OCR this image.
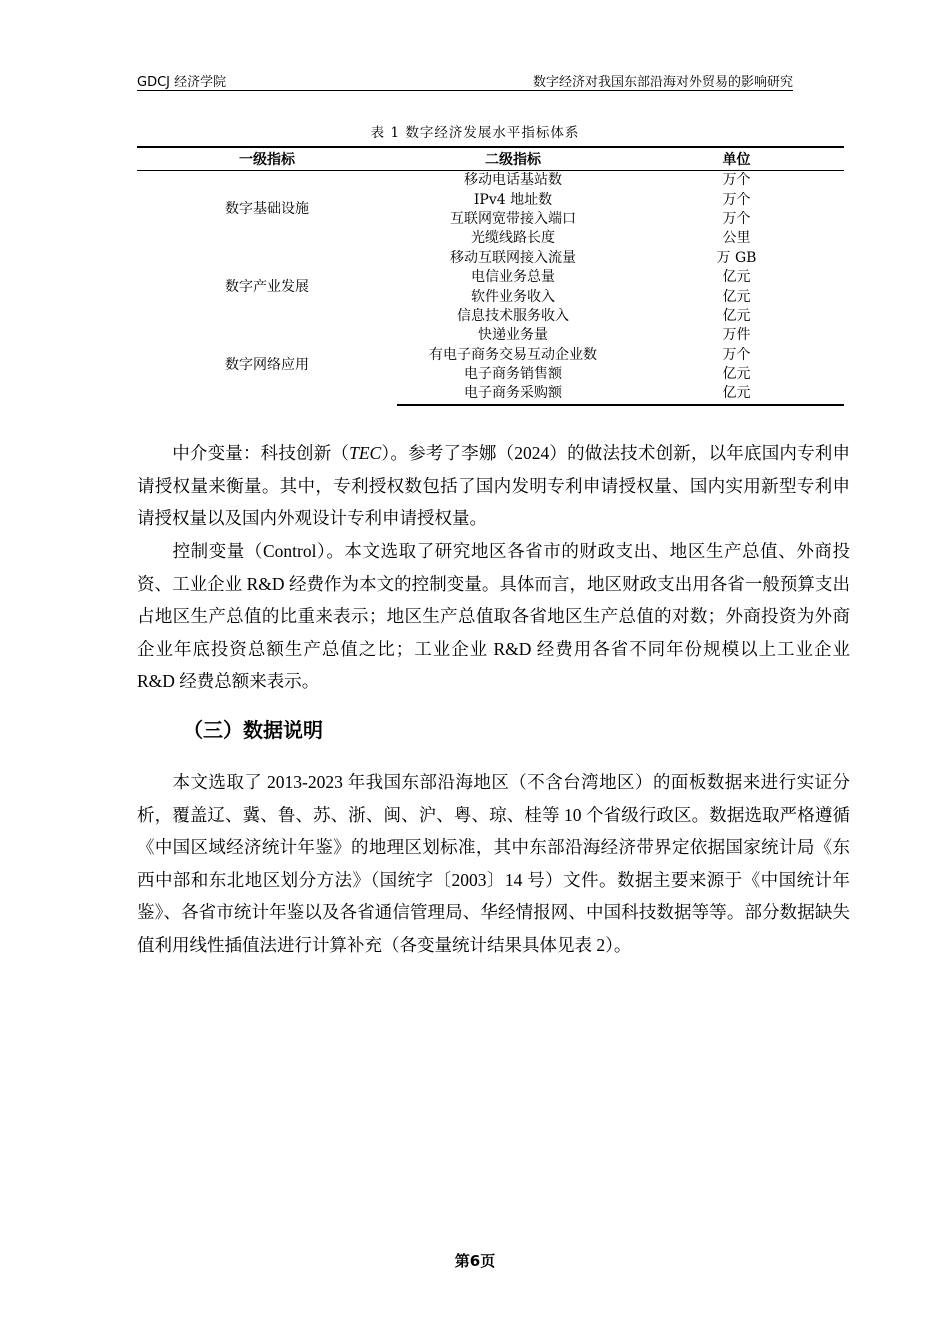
GDCJ 经济学院	数字经济对我国东部沿海对外贸易的影响研究
表 1 数字经济发展水平指标体系
一级指标	二级指标	单位
数字基础设施	移动电话基站数	万个
	IPv4 地址数	万个
	互联网宽带接入端口	万个
	光缆线路长度	公里
数字产业发展	移动互联网接入流量	万 GB
	电信业务总量	亿元
	软件业务收入	亿元
	信息技术服务收入	亿元
数字网络应用	快递业务量	万件
	有电子商务交易互动企业数	万个
	电子商务销售额	亿元
	电子商务采购额	亿元

中介变量：科技创新（TEC）。参考了李娜（2024）的做法技术创新，以年底国内专利申请授权量来衡量。其中，专利授权数包括了国内发明专利申请授权量、国内实用新型专利申请授权量以及国内外观设计专利申请授权量。

控制变量（Control）。本文选取了研究地区各省市的财政支出、地区生产总值、外商投资、工业企业 R&D 经费作为本文的控制变量。具体而言，地区财政支出用各省一般预算支出占地区生产总值的比重来表示；地区生产总值取各省地区生产总值的对数；外商投资为外商企业年底投资总额生产总值之比；工业企业 R&D 经费用各省不同年份规模以上工业企业 R&D 经费总额来表示。

（三）数据说明

本文选取了 2013-2023 年我国东部沿海地区（不含台湾地区）的面板数据来进行实证分析，覆盖辽、冀、鲁、苏、浙、闽、沪、粤、琼、桂等 10 个省级行政区。数据选取严格遵循《中国区域经济统计年鉴》的地理区划标准，其中东部沿海经济带界定依据国家统计局《东西中部和东北地区划分方法》（国统字〔2003〕14 号）文件。数据主要来源于《中国统计年鉴》、各省市统计年鉴以及各省通信管理局、华经情报网、中国科技数据等等。部分数据缺失值利用线性插值法进行计算补充（各变量统计结果具体见表 2）。

第6页
